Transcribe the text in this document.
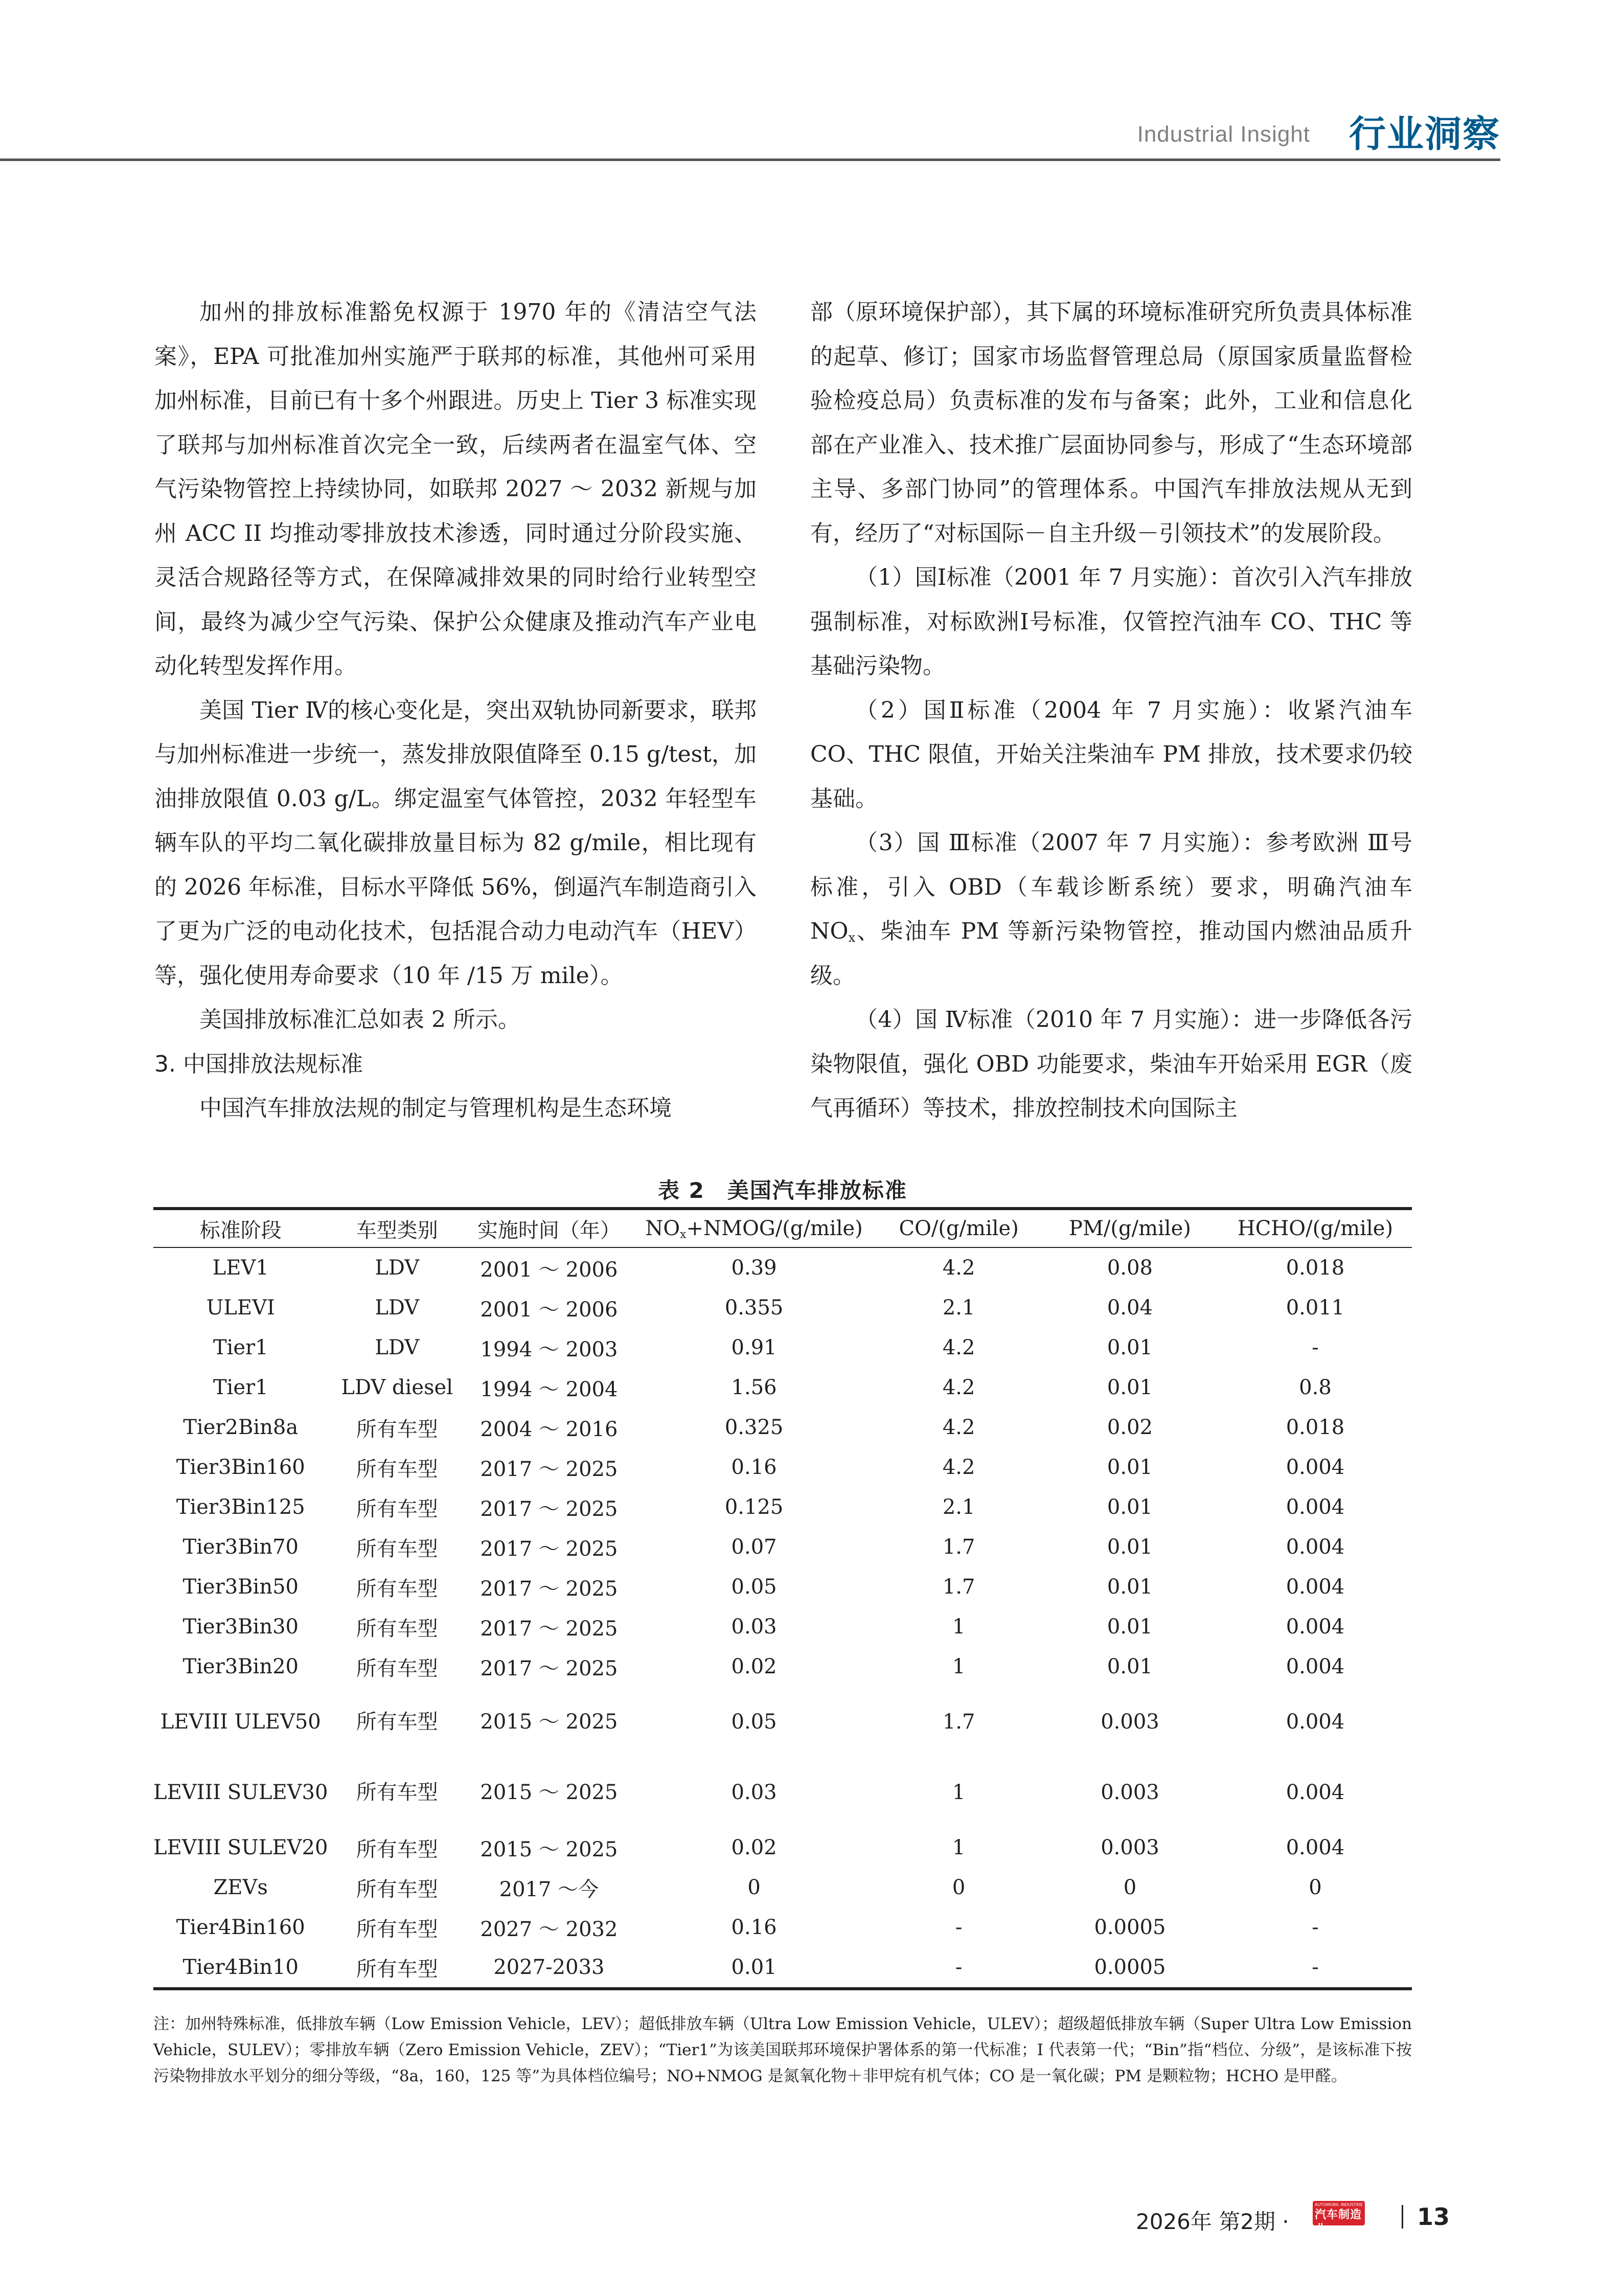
Industrial Insight 行业洞察

加州的排放标准豁免权源于 1970 年的《清洁空气法案》，EPA 可批准加州实施严于联邦的标准，其他州可采用加州标准，目前已有十多个州跟进。历史上 Tier 3 标准实现了联邦与加州标准首次完全一致，后续两者在温室气体、空气污染物管控上持续协同，如联邦 2027 ～ 2032 新规与加州 ACC II 均推动零排放技术渗透，同时通过分阶段实施、灵活合规路径等方式，在保障减排效果的同时给行业转型空间，最终为减少空气污染、保护公众健康及推动汽车产业电动化转型发挥作用。

美国 Tier Ⅳ的核心变化是，突出双轨协同新要求，联邦与加州标准进一步统一，蒸发排放限值降至 0.15 g/test，加油排放限值 0.03 g/L。绑定温室气体管控，2032 年轻型车辆车队的平均二氧化碳排放量目标为 82 g/mile，相比现有的 2026 年标准，目标水平降低 56%，倒逼汽车制造商引入了更为广泛的电动化技术，包括混合动力电动汽车（HEV）等，强化使用寿命要求（10 年 /15 万 mile）。

美国排放标准汇总如表 2 所示。

3. 中国排放法规标准

中国汽车排放法规的制定与管理机构是生态环境

部（原环境保护部），其下属的环境标准研究所负责具体标准的起草、修订；国家市场监督管理总局（原国家质量监督检验检疫总局）负责标准的发布与备案；此外，工业和信息化部在产业准入、技术推广层面协同参与，形成了“生态环境部主导、多部门协同”的管理体系。中国汽车排放法规从无到有，经历了“对标国际－自主升级－引领技术”的发展阶段。

（1）国Ⅰ标准（2001 年 7 月实施）：首次引入汽车排放强制标准，对标欧洲Ⅰ号标准，仅管控汽油车 CO、THC 等基础污染物。

（2）国Ⅱ标准（2004 年 7 月实施）：收紧汽油车 CO、THC 限值，开始关注柴油车 PM 排放，技术要求仍较基础。

（3）国 Ⅲ标准（2007 年 7 月实施）：参考欧洲 Ⅲ号标准，引入 OBD（车载诊断系统）要求，明确汽油车 $NO_x$、柴油车 PM 等新污染物管控，推动国内燃油品质升级。

（4）国 Ⅳ标准（2010 年 7 月实施）：进一步降低各污染物限值，强化 OBD 功能要求，柴油车开始采用 EGR（废气再循环）等技术，排放控制技术向国际主

表 2　美国汽车排放标准
标准阶段	车型类别	实施时间（年）	$NO_x+NMOG/(g/mile)$	CO/(g/mile)	PM/(g/mile)	HCHO/(g/mile)
LEV1	LDV	2001 ～ 2006	0.39	4.2	0.08	0.018
ULEVI	LDV	2001 ～ 2006	0.355	2.1	0.04	0.011
Tier1	LDV	1994 ～ 2003	0.91	4.2	0.01	-
Tier1	LDV diesel	1994 ～ 2004	1.56	4.2	0.01	0.8
Tier2Bin8a	所有车型	2004 ～ 2016	0.325	4.2	0.02	0.018
Tier3Bin160	所有车型	2017 ～ 2025	0.16	4.2	0.01	0.004
Tier3Bin125	所有车型	2017 ～ 2025	0.125	2.1	0.01	0.004
Tier3Bin70	所有车型	2017 ～ 2025	0.07	1.7	0.01	0.004
Tier3Bin50	所有车型	2017 ～ 2025	0.05	1.7	0.01	0.004
Tier3Bin30	所有车型	2017 ～ 2025	0.03	1	0.01	0.004
Tier3Bin20	所有车型	2017 ～ 2025	0.02	1	0.01	0.004
LEVIII ULEV50	所有车型	2015 ～ 2025	0.05	1.7	0.003	0.004
LEVIII SULEV30	所有车型	2015 ～ 2025	0.03	1	0.003	0.004
LEVIII SULEV20	所有车型	2015 ～ 2025	0.02	1	0.003	0.004
ZEVs	所有车型	2017 ～今	0	0	0	0
Tier4Bin160	所有车型	2027 ～ 2032	0.16	-	0.0005	-
Tier4Bin10	所有车型	2027-2033	0.01	-	0.0005	-
注：加州特殊标准，低排放车辆（Low Emission Vehicle，LEV）；超低排放车辆（Ultra Low Emission Vehicle，ULEV）；超级超低排放车辆（Super Ultra Low Emission Vehicle，SULEV）；零排放车辆（Zero Emission Vehicle，ZEV）；“Tier1”为该美国联邦环境保护署体系的第一代标准；I 代表第一代；“Bin”指“档位、分级”，是该标准下按污染物排放水平划分的细分等级，“8a，160，125 等”为具体档位编号；NO+NMOG 是氮氧化物＋非甲烷有机气体；CO 是一氧化碳；PM 是颗粒物；HCHO 是甲醛。
2026年 第2期 ·
AUTOMOBIL INDUSTRIE
汽车制造业	13
